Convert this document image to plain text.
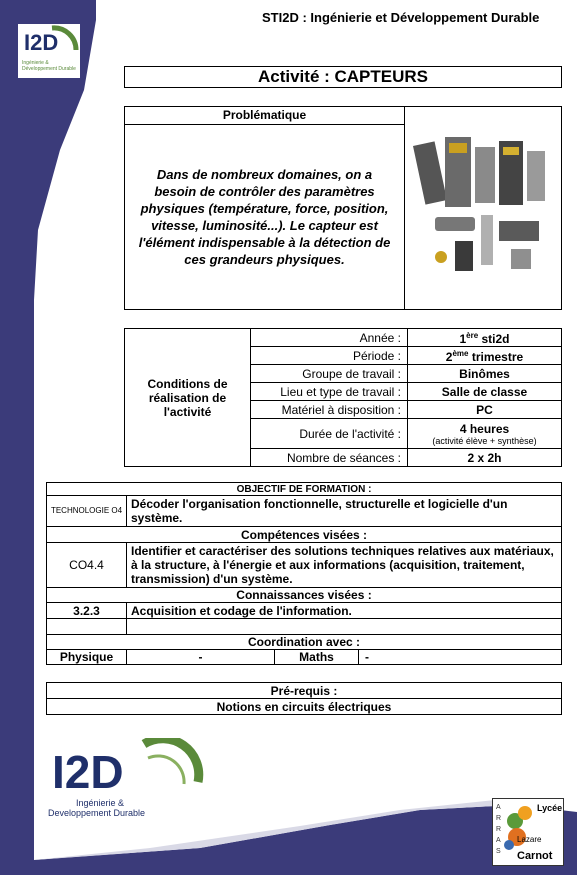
STI2D : Ingénierie et Développement Durable
I2D
Ingénierie &
Développement Durable	Activité : CAPTEURS
Problématique
Dans de nombreux domaines, on a besoin de contrôler des paramètres physiques (température, force, position, vitesse, luminosité...). Le capteur est l'élément indispensable à la détection de ces grandeurs physiques.
Conditions de réalisation de l'activité	Année :	1ère sti2d
	Période :	2ème trimestre
	Groupe de travail :	Binômes
	Lieu et type de travail :	Salle de classe
	Matériel à disposition :	PC
	Durée de l'activité :	4 heures
(activité élève + synthèse)

	Nombre de séances :	2 x 2h
OBJECTIF DE FORMATION :			
TECHNOLOGIE O4	Décoder l'organisation fonctionnelle, structurelle et logicielle d'un système.		
Compétences visées :			
CO4.4	Identifier et caractériser des solutions techniques relatives aux matériaux, à la structure, à l'énergie et aux informations (acquisition, traitement, transmission) d'un système.		
Connaissances visées :			
3.2.3	Acquisition et codage de l'information.		

Coordination avec :			
Physique	-	Maths	-
Pré-requis :
Notions en circuits électriques
I2D
Ingénierie &
Developpement Durable
A
R
R
A
S
Lycée
Lazare
Carnot
